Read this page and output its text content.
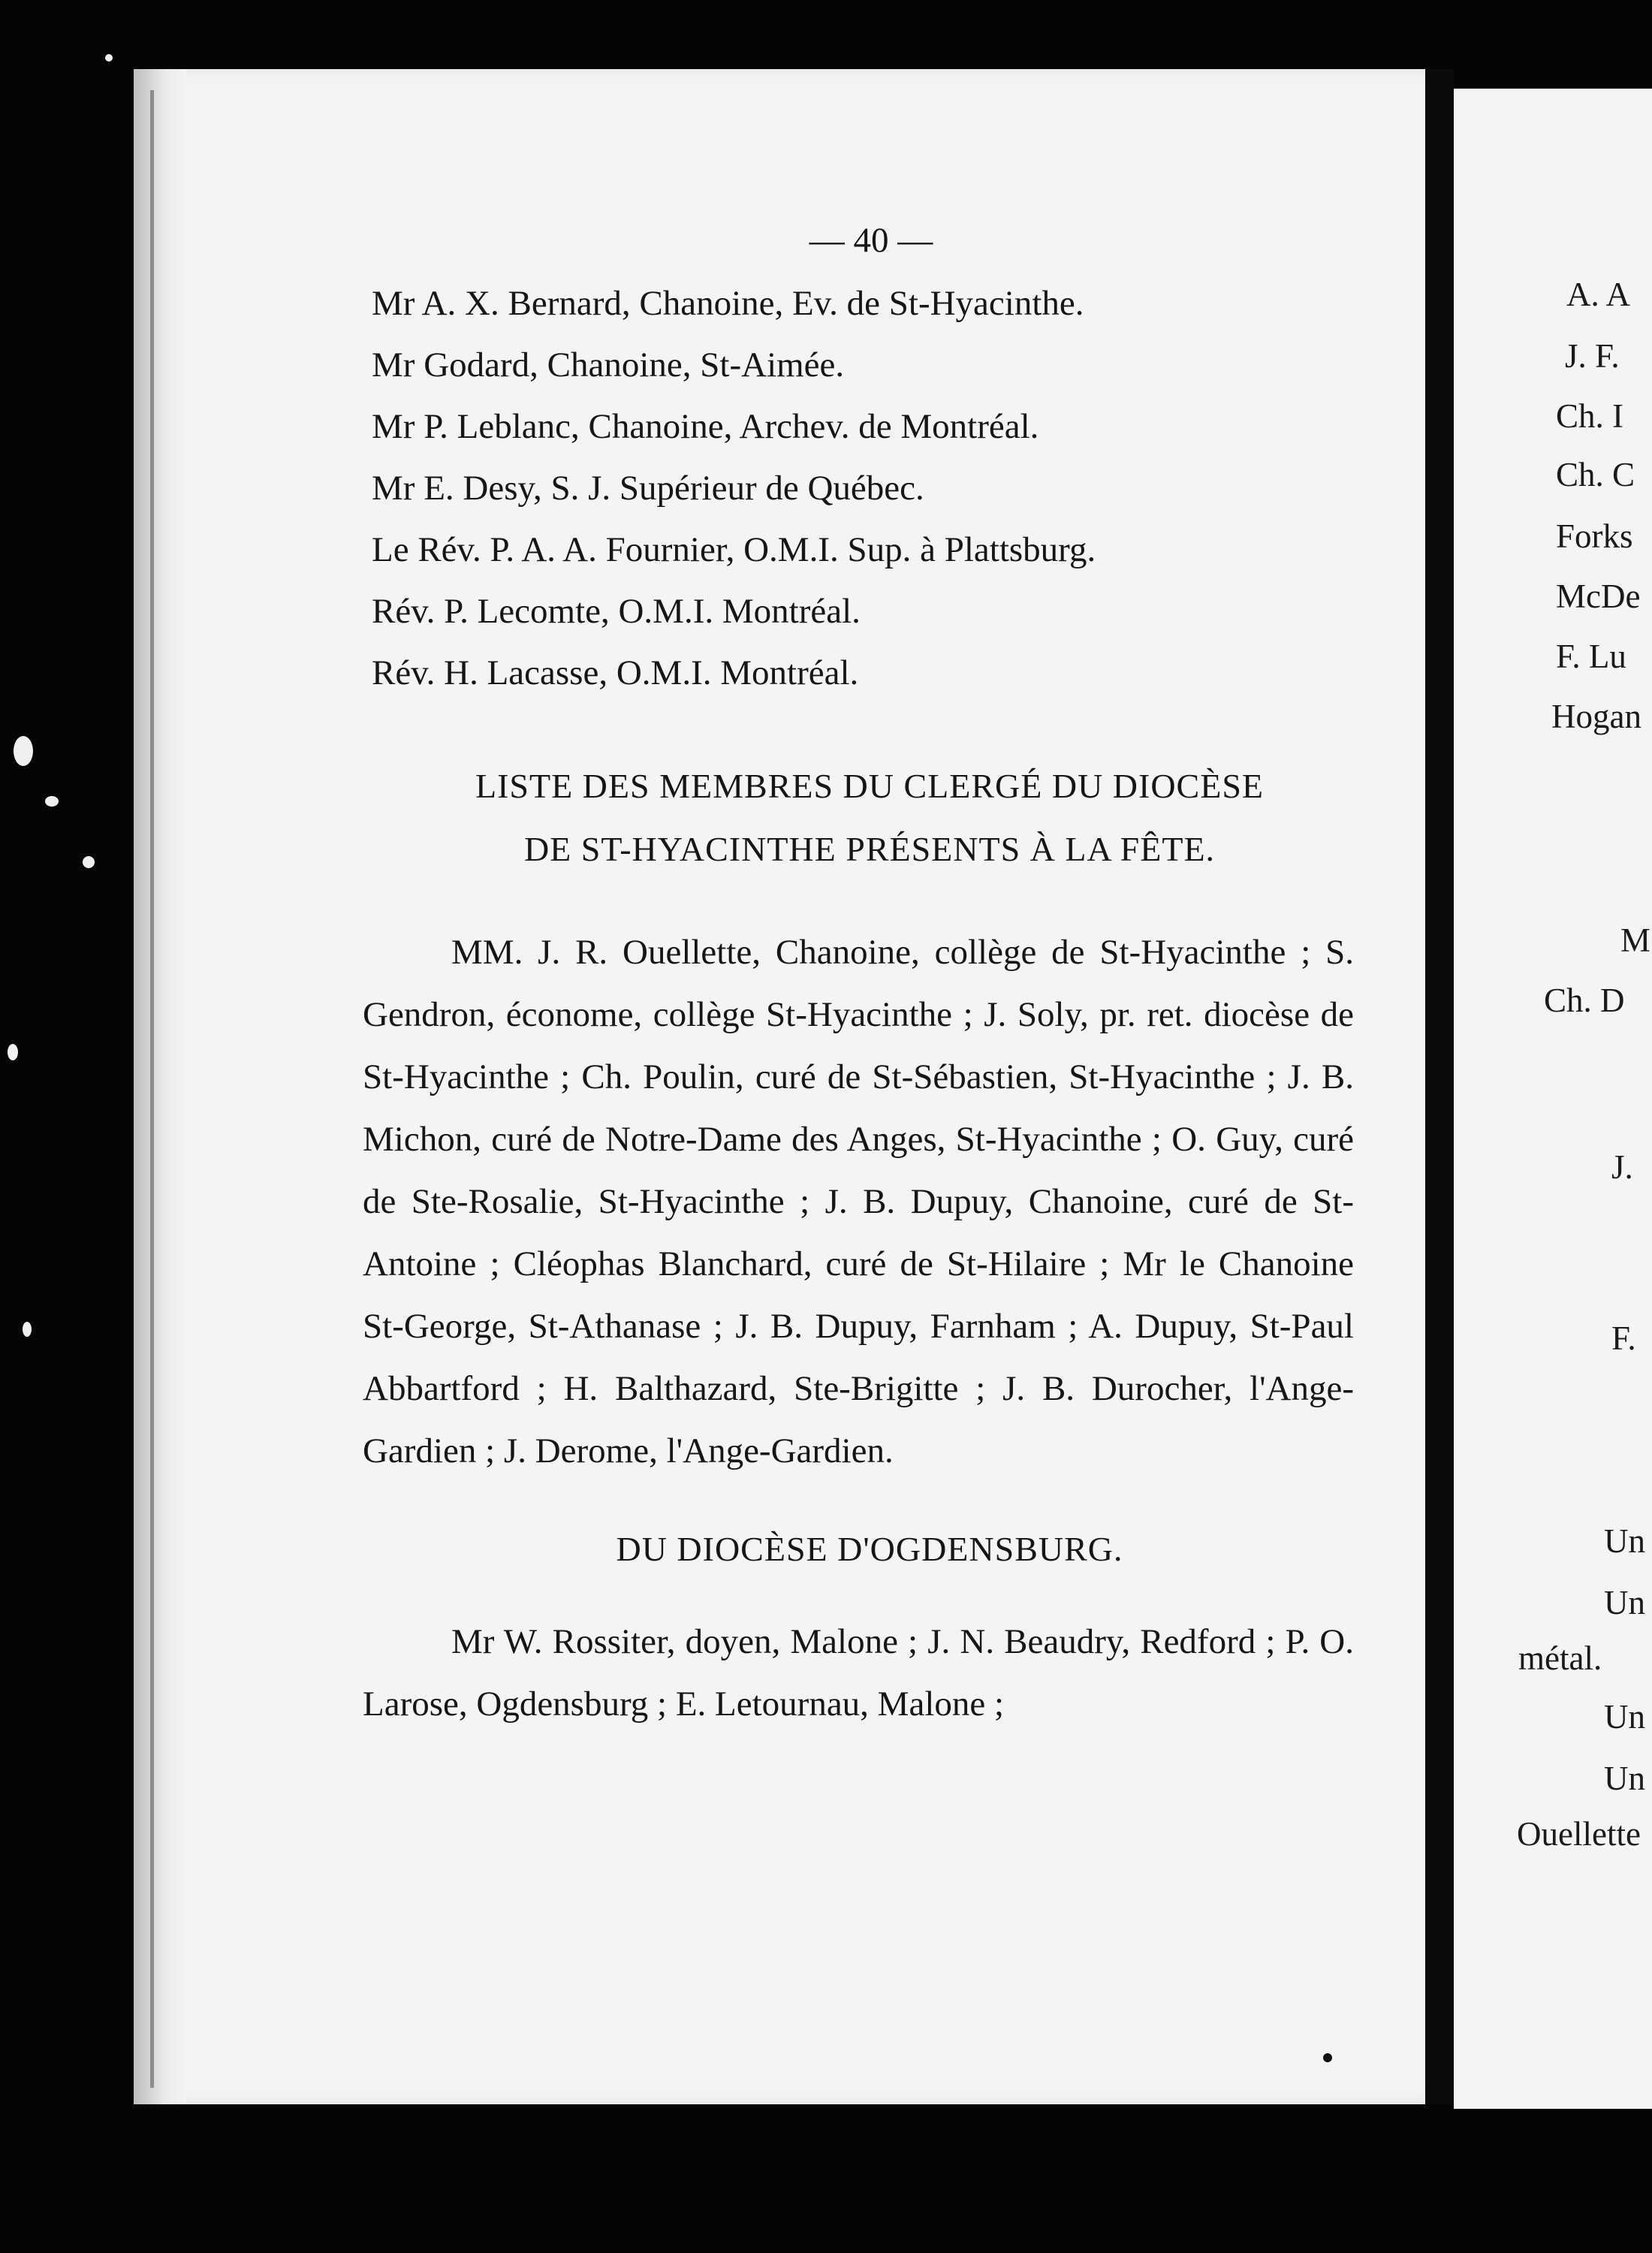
— 40 —
Mr A. X. Bernard, Chanoine, Ev. de St-Hyacinthe.
Mr Godard, Chanoine, St-Aimée.
Mr P. Leblanc, Chanoine, Archev. de Montréal.
Mr E. Desy, S. J. Supérieur de Québec.
Le Rév. P. A. A. Fournier, O.M.I. Sup. à Plattsburg.
Rév. P. Lecomte, O.M.I. Montréal.
Rév. H. Lacasse, O.M.I. Montréal.
LISTE DES MEMBRES DU CLERGÉ DU DIOCÈSE
DE ST-HYACINTHE PRÉSENTS À LA FÊTE.

MM. J. R. Ouellette, Chanoine, collège de St-Hyacinthe ; S. Gendron, économe, collège St-Hyacinthe ; J. Soly, pr. ret. diocèse de St-Hyacinthe ; Ch. Poulin, curé de St-Sébastien, St-Hyacinthe ; J. B. Michon, curé de Notre-Dame des Anges, St-Hyacinthe ; O. Guy, curé de Ste-Rosalie, St-Hyacinthe ; J. B. Dupuy, Chanoine, curé de St-Antoine ; Cléophas Blanchard, curé de St-Hilaire ; Mr le Chanoine St-George, St-Athanase ; J. B. Dupuy, Farnham ; A. Dupuy, St-Paul Abbartford ; H. Balthazard, Ste-Brigitte ; J. B. Durocher, l'Ange-Gardien ; J. Derome, l'Ange-Gardien.

DU DIOCÈSE D'OGDENSBURG.

Mr W. Rossiter, doyen, Malone ; J. N. Beaudry, Redford ; P. O. Larose, Ogdensburg ; E. Letournau, Malone ;

A. A
J. F.
Ch. I
Ch. C
Forks
McDe
F. Lu
Hogan
M
Ch. D
J.
F.
Un
Un
métal.
Un
Un
Ouellette
